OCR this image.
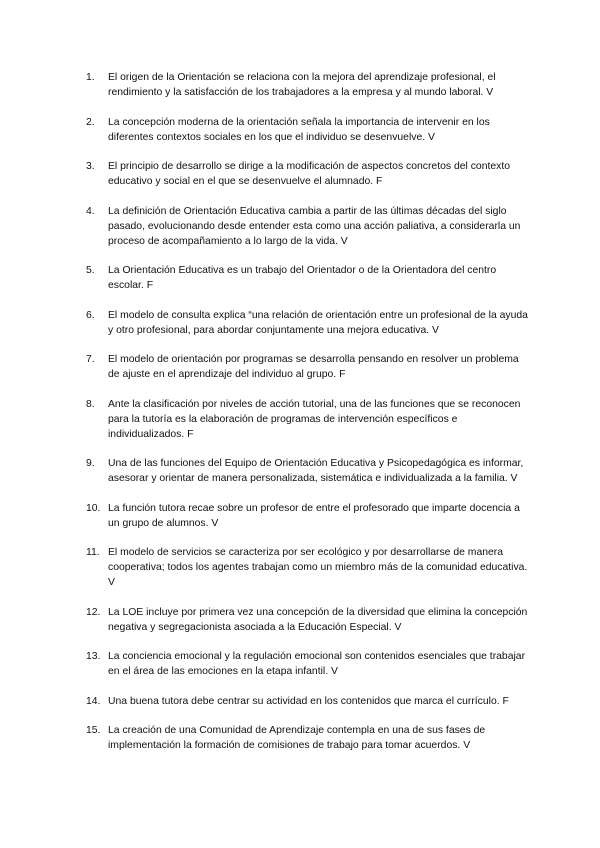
1.	El origen de la Orientación se relaciona con la mejora del aprendizaje profesional, el rendimiento y la satisfacción de los trabajadores a la empresa y al mundo laboral. V
2.	La concepción moderna de la orientación señala la importancia de intervenir en los diferentes contextos sociales en los que el individuo se desenvuelve. V
3.	El principio de desarrollo se dirige a la modificación de aspectos concretos del contexto educativo y social en el que se desenvuelve el alumnado. F
4.	La definición de Orientación Educativa cambia a partir de las últimas décadas del siglo pasado, evolucionando desde entender esta como una acción paliativa, a considerarla un proceso de acompañamiento a lo largo de la vida. V
5.	La Orientación Educativa es un trabajo del Orientador o de la Orientadora del centro escolar. F
6.	El modelo de consulta explica “una relación de orientación entre un profesional de la ayuda y otro profesional, para abordar conjuntamente una mejora educativa. V
7.	El modelo de orientación por programas se desarrolla pensando en resolver un problema de ajuste en el aprendizaje del individuo al grupo. F
8.	Ante la clasificación por niveles de acción tutorial, una de las funciones que se reconocen para la tutoría es la elaboración de programas de intervención específicos e individualizados. F
9.	Una de las funciones del Equipo de Orientación Educativa y Psicopedagógica es informar, asesorar y orientar de manera personalizada, sistemática e individualizada a la familia. V
10. La función tutora recae sobre un profesor de entre el profesorado que imparte docencia a un grupo de alumnos. V
11. El modelo de servicios se caracteriza por ser ecológico y por desarrollarse de manera cooperativa; todos los agentes trabajan como un miembro más de la comunidad educativa. V
12. La LOE incluye por primera vez una concepción de la diversidad que elimina la concepción negativa y segregacionista asociada a la Educación Especial. V
13. La conciencia emocional y la regulación emocional son contenidos esenciales que trabajar en el área de las emociones en la etapa infantil. V
14. Una buena tutora debe centrar su actividad en los contenidos que marca el currículo. F
15. La creación de una Comunidad de Aprendizaje contempla en una de sus fases de implementación la formación de comisiones de trabajo para tomar acuerdos. V
